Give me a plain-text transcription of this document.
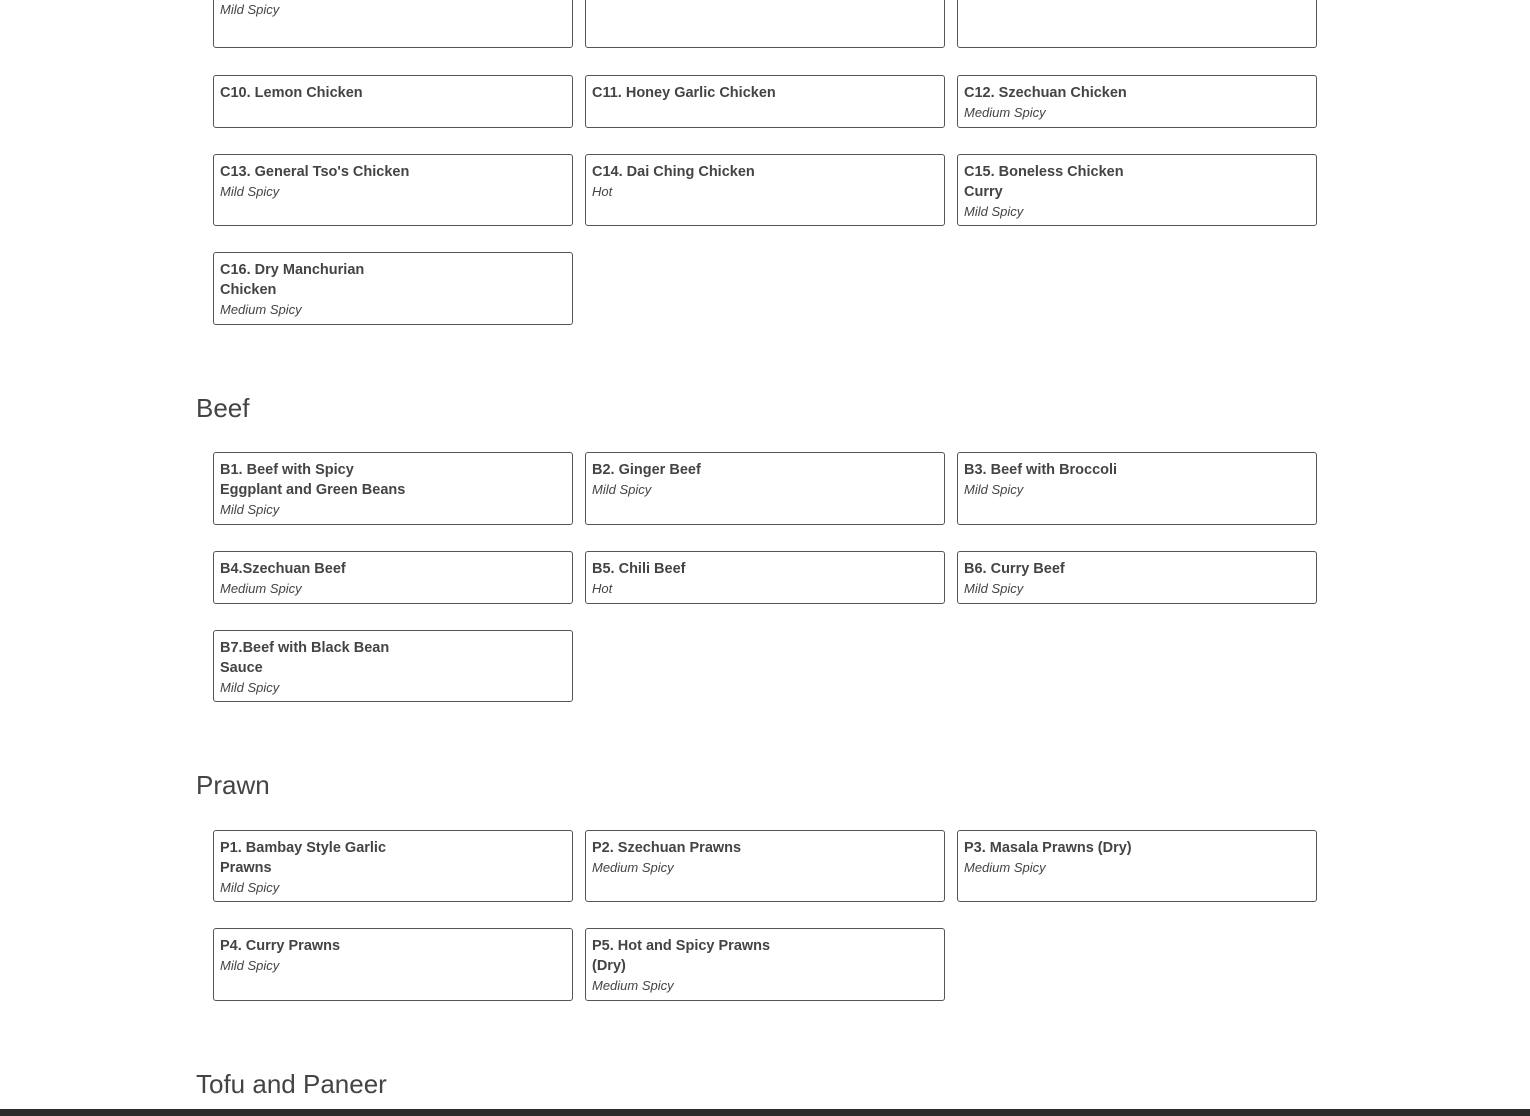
Mild Spicy
C10. Lemon Chicken	C11. Honey Garlic Chicken	C12. Szechuan Chicken
Medium Spicy
C13. General Tso's Chicken
Mild Spicy
C14. Dai Ching Chicken
Hot
C15. Boneless Chicken Curry
Mild Spicy
C16. Dry Manchurian Chicken
Medium Spicy
Beef
B1. Beef with Spicy Eggplant and Green Beans
Mild Spicy
B2. Ginger Beef
Mild Spicy
B3. Beef with Broccoli
Mild Spicy
B4.Szechuan Beef
Medium Spicy
B5. Chili Beef
Hot
B6. Curry Beef
Mild Spicy
B7.Beef with Black Bean Sauce
Mild Spicy
Prawn
P1. Bambay Style Garlic Prawns
Mild Spicy
P2. Szechuan Prawns
Medium Spicy
P3. Masala Prawns (Dry)
Medium Spicy
P4. Curry Prawns
Mild Spicy
P5. Hot and Spicy Prawns (Dry)
Medium Spicy
Tofu and Paneer
